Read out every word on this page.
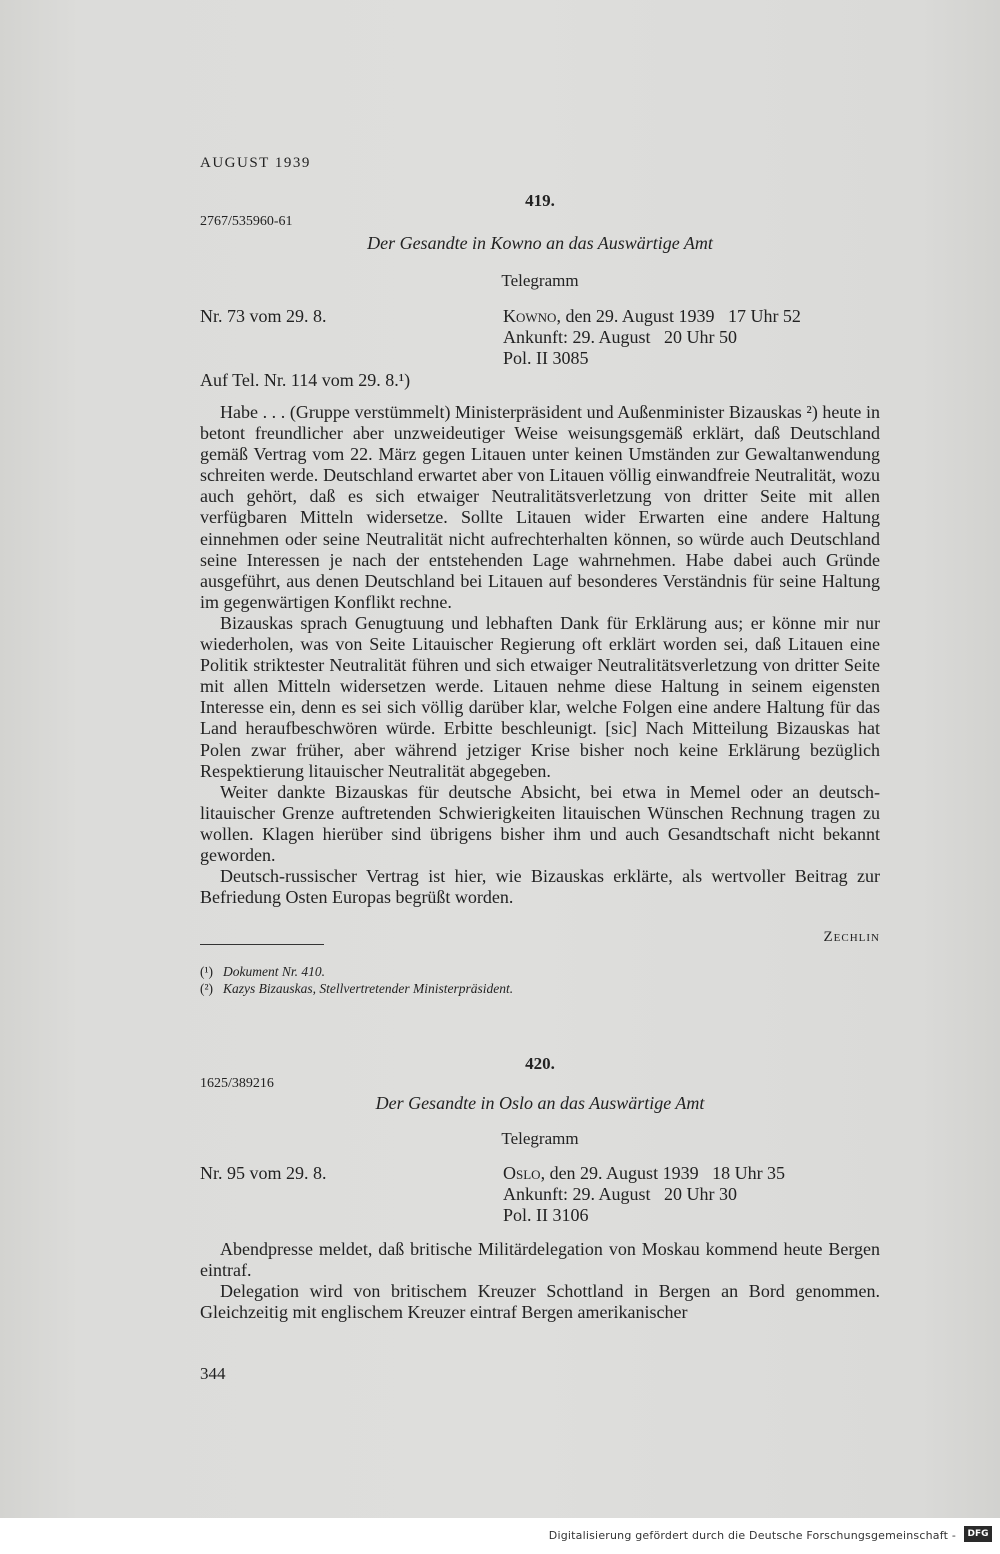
AUGUST 1939
419.
2767/535960-61
Der Gesandte in Kowno an das Auswärtige Amt
Telegramm
Nr. 73 vom 29. 8.	Kowno, den 29. August 1939   17 Uhr 52
Ankunft: 29. August   20 Uhr 50
Pol. II 3085
Auf Tel. Nr. 114 vom 29. 8.¹)

Habe . . . (Gruppe verstümmelt) Ministerpräsident und Außenminister Bizauskas ²) heute in betont freundlicher aber unzweideutiger Weise weisungsgemäß erklärt, daß Deutschland gemäß Vertrag vom 22. März gegen Litauen unter keinen Umständen zur Gewaltanwendung schreiten werde. Deutschland erwartet aber von Litauen völlig einwandfreie Neutralität, wozu auch gehört, daß es sich etwaiger Neutralitätsverletzung von dritter Seite mit allen verfügbaren Mitteln widersetze. Sollte Litauen wider Erwarten eine andere Haltung einnehmen oder seine Neutralität nicht aufrechterhalten können, so würde auch Deutschland seine Interessen je nach der entstehenden Lage wahrnehmen. Habe dabei auch Gründe ausgeführt, aus denen Deutschland bei Litauen auf besonderes Verständnis für seine Haltung im gegenwärtigen Konflikt rechne.

Bizauskas sprach Genugtuung und lebhaften Dank für Erklärung aus; er könne mir nur wiederholen, was von Seite Litauischer Regierung oft erklärt worden sei, daß Litauen eine Politik striktester Neutralität führen und sich etwaiger Neutralitätsverletzung von dritter Seite mit allen Mitteln widersetzen werde. Litauen nehme diese Haltung in seinem eigensten Interesse ein, denn es sei sich völlig darüber klar, welche Folgen eine andere Haltung für das Land heraufbeschwören würde. Erbitte beschleunigt. [sic] Nach Mitteilung Bizauskas hat Polen zwar früher, aber während jetziger Krise bisher noch keine Erklärung bezüglich Respektierung litauischer Neutralität abgegeben.

Weiter dankte Bizauskas für deutsche Absicht, bei etwa in Memel oder an deutsch-litauischer Grenze auftretenden Schwierigkeiten litauischen Wünschen Rechnung tragen zu wollen. Klagen hierüber sind übrigens bisher ihm und auch Gesandtschaft nicht bekannt geworden.

Deutsch-russischer Vertrag ist hier, wie Bizauskas erklärte, als wertvoller Beitrag zur Befriedung Osten Europas begrüßt worden.

Zechlin
(¹) Dokument Nr. 410.
(²) Kazys Bizauskas, Stellvertretender Ministerpräsident.
420.
1625/389216
Der Gesandte in Oslo an das Auswärtige Amt
Telegramm
Nr. 95 vom 29. 8.	Oslo, den 29. August 1939   18 Uhr 35
Ankunft: 29. August   20 Uhr 30
Pol. II 3106

Abendpresse meldet, daß britische Militärdelegation von Moskau kommend heute Bergen eintraf.

Delegation wird von britischem Kreuzer Schottland in Bergen an Bord genommen. Gleichzeitig mit englischem Kreuzer eintraf Bergen amerikanischer

344
Digitalisierung gefördert durch die Deutsche Forschungsgemeinschaft -	DFG
